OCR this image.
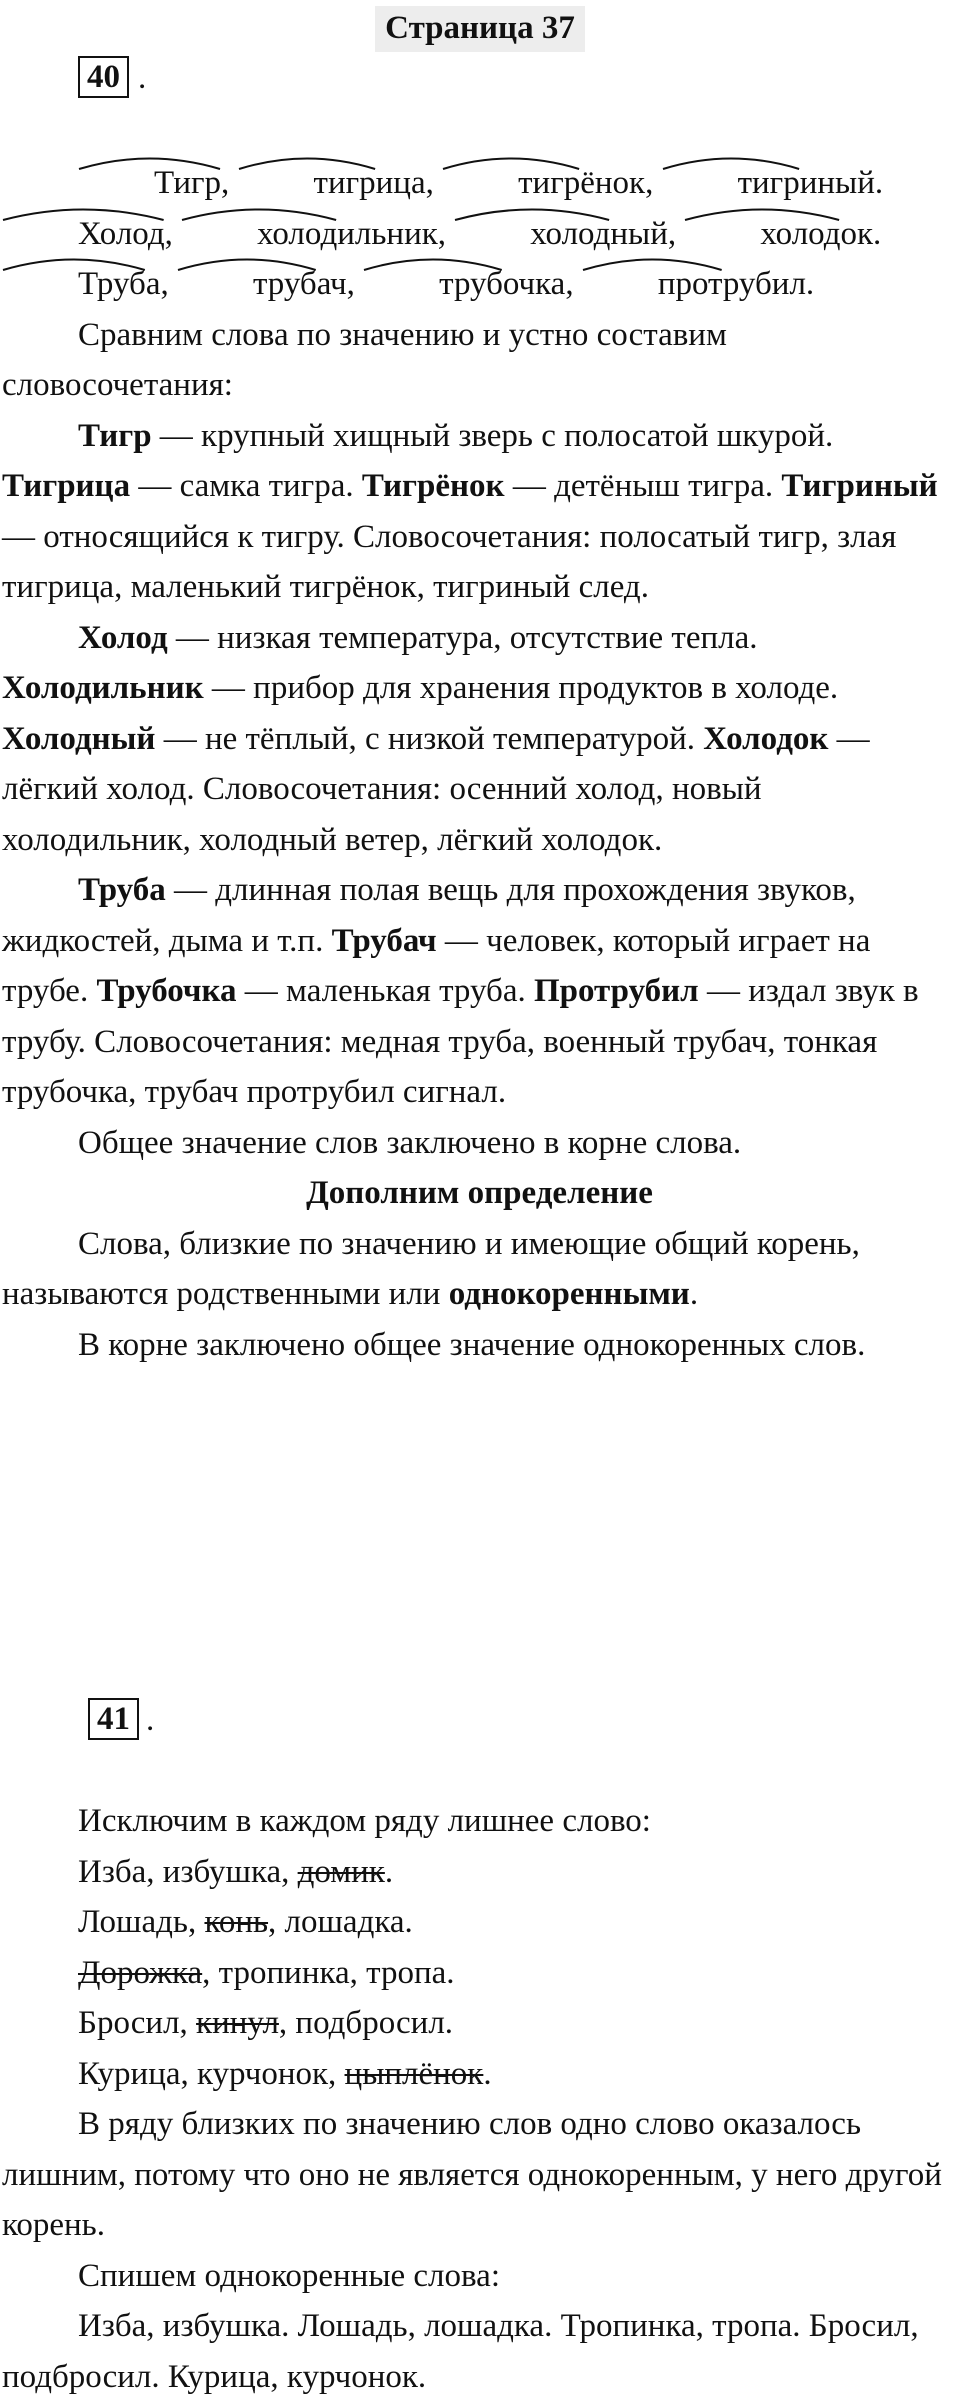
Страница 37
40 .

Тигр
, тигрица
, тигрёнок
, тигриный.

Холод
, холодильник
, холодный
, холодок.

Труба
, трубач
, трубочка
, протрубил.

Сравним слова по значению и устно составим словосочетания:

Тигр — крупный хищный зверь с полосатой шкурой. Тигрица — самка тигра. Тигрёнок — детёныш тигра. Тигриный — относящийся к тигру. Словосочетания: полосатый тигр, злая тигрица, маленький тигрёнок, тигриный след.

Холод — низкая температура, отсутствие тепла. Холодильник — прибор для хранения продуктов в холоде. Холодный — не тёплый, с низкой температурой. Холодок — лёгкий холод. Словосочетания: осенний холод, новый холодильник, холодный ветер, лёгкий холодок.

Труба — длинная полая вещь для прохождения звуков, жидкостей, дыма и т.п. Трубач — человек, который играет на трубе. Трубочка — маленькая труба. Протрубил — издал звук в трубу. Словосочетания: медная труба, военный трубач, тонкая трубочка, трубач протрубил сигнал.

Общее значение слов заключено в корне слова.

Дополним определение

Слова, близкие по значению и имеющие общий корень, называются родственными или однокоренными.

В корне заключено общее значение однокоренных слов.

41 .

Исключим в каждом ряду лишнее слово:

Изба, избушка, домик.

Лошадь, конь, лошадка.

Дорожка, тропинка, тропа.

Бросил, кинул, подбросил.

Курица, курчонок, цыплёнок.

В ряду близких по значению слов одно слово оказалось лишним, потому что оно не является однокоренным, у него другой корень.

Спишем однокоренные слова:

Изба, избушка. Лошадь, лошадка. Тропинка, тропа. Бросил, подбросил. Курица, курчонок.
